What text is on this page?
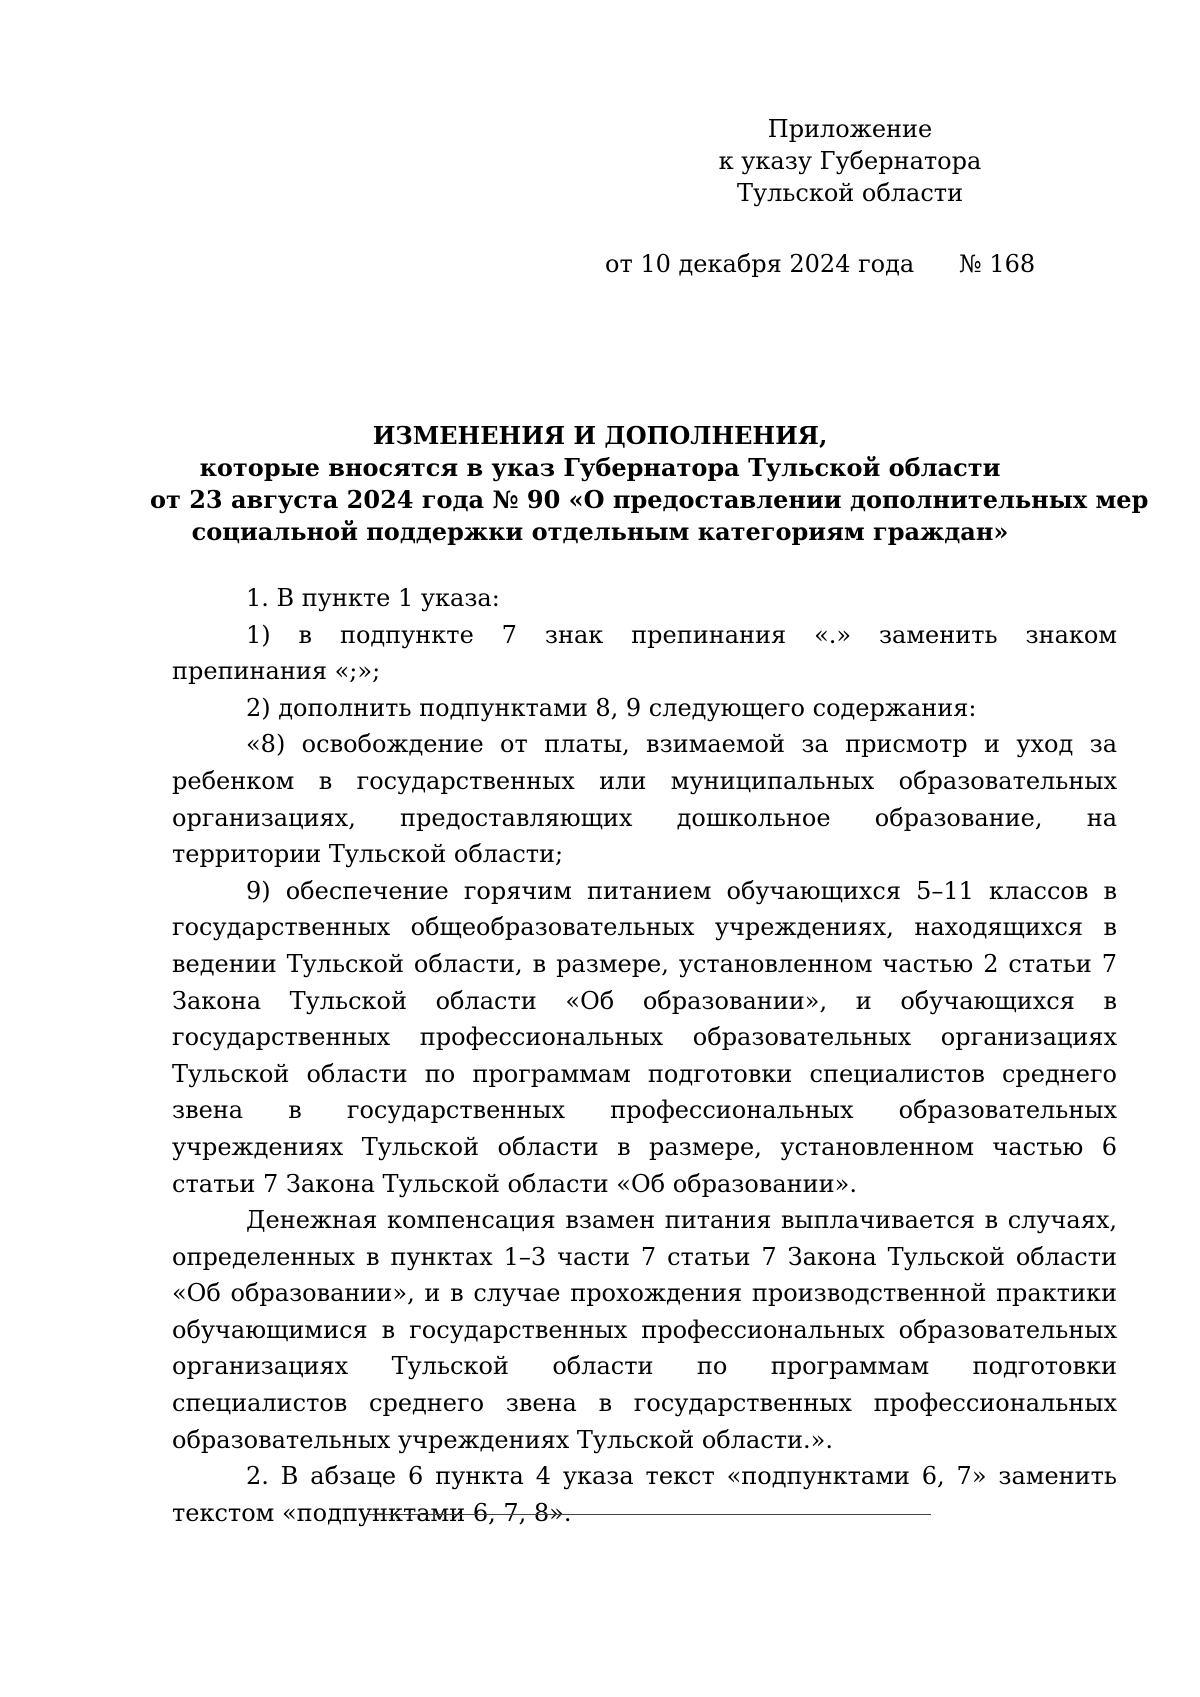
Приложение
к указу Губернатора
Тульской области
от 10 декабря 2024 года № 168
ИЗМЕНЕНИЯ И ДОПОЛНЕНИЯ,
которые вносятся в указ Губернатора Тульской области
от 23 августа 2024 года № 90 «О предоставлении дополнительных мер
социальной поддержки отдельным категориям граждан»

1. В пункте 1 указа:

1) в подпункте 7 знак препинания «.» заменить знаком препинания «;»;

2) дополнить подпунктами 8, 9 следующего содержания:

«8) освобождение от платы, взимаемой за присмотр и уход за ребенком в государственных или муниципальных образовательных организациях, предоставляющих дошкольное образование, на территории Тульской области;

9) обеспечение горячим питанием обучающихся 5–11 классов в государственных общеобразовательных учреждениях, находящихся в ведении Тульской области, в размере, установленном частью 2 статьи 7 Закона Тульской области «Об образовании», и обучающихся в государственных профессиональных образовательных организациях Тульской области по программам подготовки специалистов среднего звена в государственных профессиональных образовательных учреждениях Тульской области в размере, установленном частью 6 статьи 7 Закона Тульской области «Об образовании».

Денежная компенсация взамен питания выплачивается в случаях, определенных в пунктах 1–3 части 7 статьи 7 Закона Тульской области «Об образовании», и в случае прохождения производственной практики обучающимися в государственных профессиональных образовательных организациях Тульской области по программам подготовки специалистов среднего звена в государственных профессиональных образовательных учреждениях Тульской области.».

2. В абзаце 6 пункта 4 указа текст «подпунктами 6, 7» заменить текстом «подпунктами 6, 7, 8».
